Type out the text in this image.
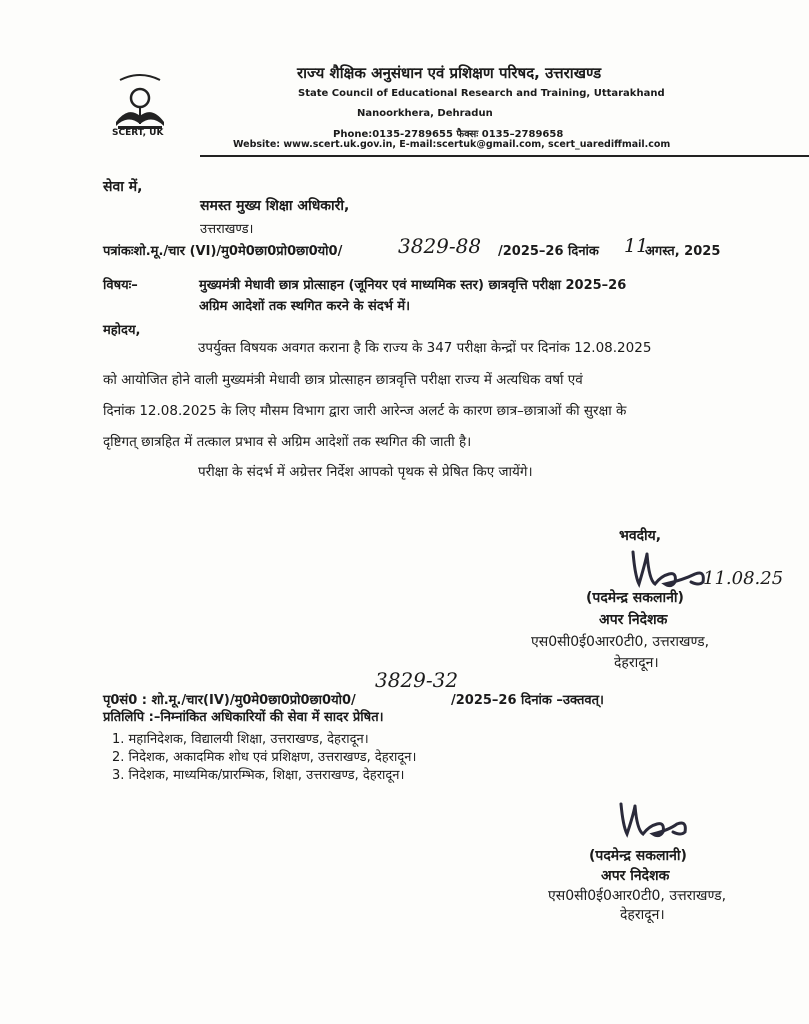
SCERT, UK
राज्य शैक्षिक अनुसंधान एवं प्रशिक्षण परिषद, उत्तराखण्ड
State Council of Educational Research and Training, Uttarakhand
Nanoorkhera, Dehradun
Phone:0135-2789655 फैक्सः 0135–2789658
Website: www.scert.uk.gov.in, E-mail:scertuk@gmail.com, scert_uarediffmail.com
सेवा में,
समस्त मुख्य शिक्षा अधिकारी,
उत्तराखण्ड।
पत्रांकःशो.मू./चार (VI)/मु0मे0छा0प्रो0छा0यो0/	3829-88 /2025–26 दिनांक 11
अगस्त, 2025
विषयः–	मुख्यमंत्री मेधावी छात्र प्रोत्साहन (जूनियर एवं माध्यमिक स्तर) छात्रवृत्ति परीक्षा 2025–26
अग्रिम आदेशों तक स्थगित करने के संदर्भ में।
महोदय,
उपर्युक्त विषयक अवगत कराना है कि राज्य के 347 परीक्षा केन्द्रों पर दिनांक 12.08.2025
को आयोजित होने वाली मुख्यमंत्री मेधावी छात्र प्रोत्साहन छात्रवृत्ति परीक्षा राज्य में अत्यधिक वर्षा एवं
दिनांक 12.08.2025 के लिए मौसम विभाग द्वारा जारी आरेन्ज अलर्ट के कारण छात्र–छात्राओं की सुरक्षा के
दृष्टिगत् छात्रहित में तत्काल प्रभाव से अग्रिम आदेशों तक स्थगित की जाती है।
परीक्षा के संदर्भ में अग्रेत्तर निर्देश आपको पृथक से प्रेषित किए जायेंगे।
भवदीय,
11.08.25
(पदमेन्द्र सकलानी)
अपर निदेशक
एस0सी0ई0आर0टी0, उत्तराखण्ड,
देहरादून।
पृ0सं0 : शो.मू./चार(IV)/मु0मे0छा0प्रो0छा0यो0/
3829-32
/2025–26 दिनांक –उक्तवत्।
प्रतिलिपि :–निम्नांकित अधिकारियों की सेवा में सादर प्रेषित।
1. महानिदेशक, विद्यालयी शिक्षा, उत्तराखण्ड, देहरादून।
2. निदेशक, अकादमिक शोध एवं प्रशिक्षण, उत्तराखण्ड, देहरादून।
3. निदेशक, माध्यमिक/प्रारम्भिक, शिक्षा, उत्तराखण्ड, देहरादून।
(पदमेन्द्र सकलानी)
अपर निदेशक
एस0सी0ई0आर0टी0, उत्तराखण्ड,
देहरादून।
